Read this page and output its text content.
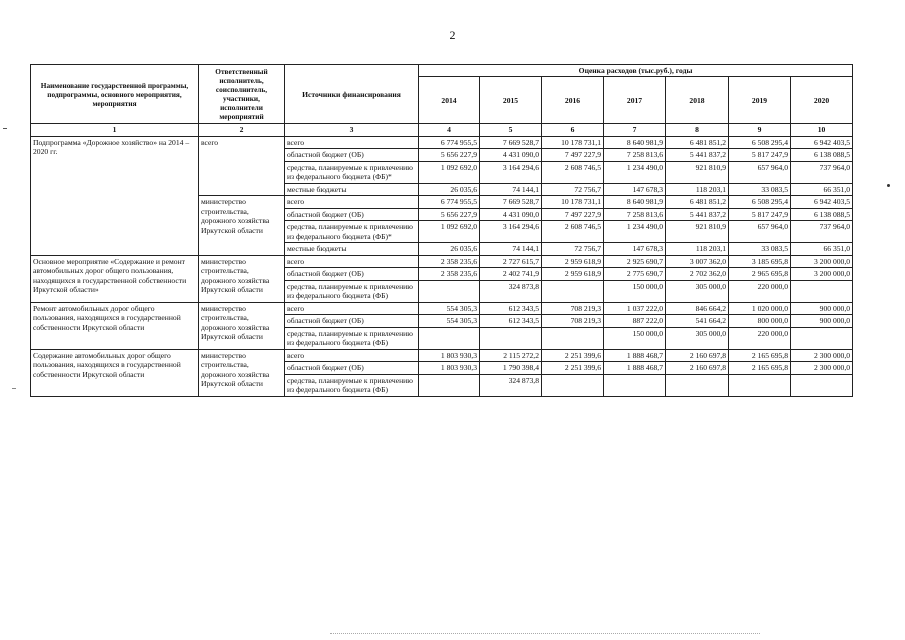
2
Наименование государственной программы, подпрограммы, основного мероприятия, мероприятия	Ответственный исполнитель, соисполнитель, участники, исполнители мероприятий	Источники финансирования	Оценка расходов (тыс.руб.), годы						
			2014	2015	2016	2017	2018	2019	2020
1	2	3	4	5	6	7	8	9	10
Подпрограмма «Дорожное хозяйство» на 2014 – 2020 гг.	всего	всего	6 774 955,5	7 669 528,7	10 178 731,1	8 640 981,9	6 481 851,2	6 508 295,4	6 942 403,5
		областной бюджет (ОБ)	5 656 227,9	4 431 090,0	7 497 227,9	7 258 813,6	5 441 837,2	5 817 247,9	6 138 088,5
		средства, планируемые к привлечению из федерального бюджета (ФБ)*	1 092 692,0	3 164 294,6	2 608 746,5	1 234 490,0	921 810,9	657 964,0	737 964,0
		местные бюджеты	26 035,6	74 144,1	72 756,7	147 678,3	118 203,1	33 083,5	66 351,0
	министерство строительства, дорожного хозяйства Иркутской области	всего	6 774 955,5	7 669 528,7	10 178 731,1	8 640 981,9	6 481 851,2	6 508 295,4	6 942 403,5
		областной бюджет (ОБ)	5 656 227,9	4 431 090,0	7 497 227,9	7 258 813,6	5 441 837,2	5 817 247,9	6 138 088,5
		средства, планируемые к привлечению из федерального бюджета (ФБ)*	1 092 692,0	3 164 294,6	2 608 746,5	1 234 490,0	921 810,9	657 964,0	737 964,0
		местные бюджеты	26 035,6	74 144,1	72 756,7	147 678,3	118 203,1	33 083,5	66 351,0
Основное мероприятие «Содержание и ремонт автомобильных дорог общего пользования, находящихся в государственной собственности Иркутской области»	министерство строительства, дорожного хозяйства Иркутской области	всего	2 358 235,6	2 727 615,7	2 959 618,9	2 925 690,7	3 007 362,0	3 185 695,8	3 200 000,0
		областной бюджет (ОБ)	2 358 235,6	2 402 741,9	2 959 618,9	2 775 690,7	2 702 362,0	2 965 695,8	3 200 000,0
		средства, планируемые к привлечению из федерального бюджета (ФБ)		324 873,8		150 000,0	305 000,0	220 000,0	
Ремонт автомобильных дорог общего пользования, находящихся в государственной собственности Иркутской области	министерство строительства, дорожного хозяйства Иркутской области	всего	554 305,3	612 343,5	708 219,3	1 037 222,0	846 664,2	1 020 000,0	900 000,0
		областной бюджет (ОБ)	554 305,3	612 343,5	708 219,3	887 222,0	541 664,2	800 000,0	900 000,0
		средства, планируемые к привлечению из федерального бюджета (ФБ)				150 000,0	305 000,0	220 000,0	
Содержание автомобильных дорог общего пользования, находящихся в государственной собственности Иркутской области	министерство строительства, дорожного хозяйства Иркутской области	всего	1 803 930,3	2 115 272,2	2 251 399,6	1 888 468,7	2 160 697,8	2 165 695,8	2 300 000,0
		областной бюджет (ОБ)	1 803 930,3	1 790 398,4	2 251 399,6	1 888 468,7	2 160 697,8	2 165 695,8	2 300 000,0
		средства, планируемые к привлечению из федерального бюджета (ФБ)		324 873,8					
